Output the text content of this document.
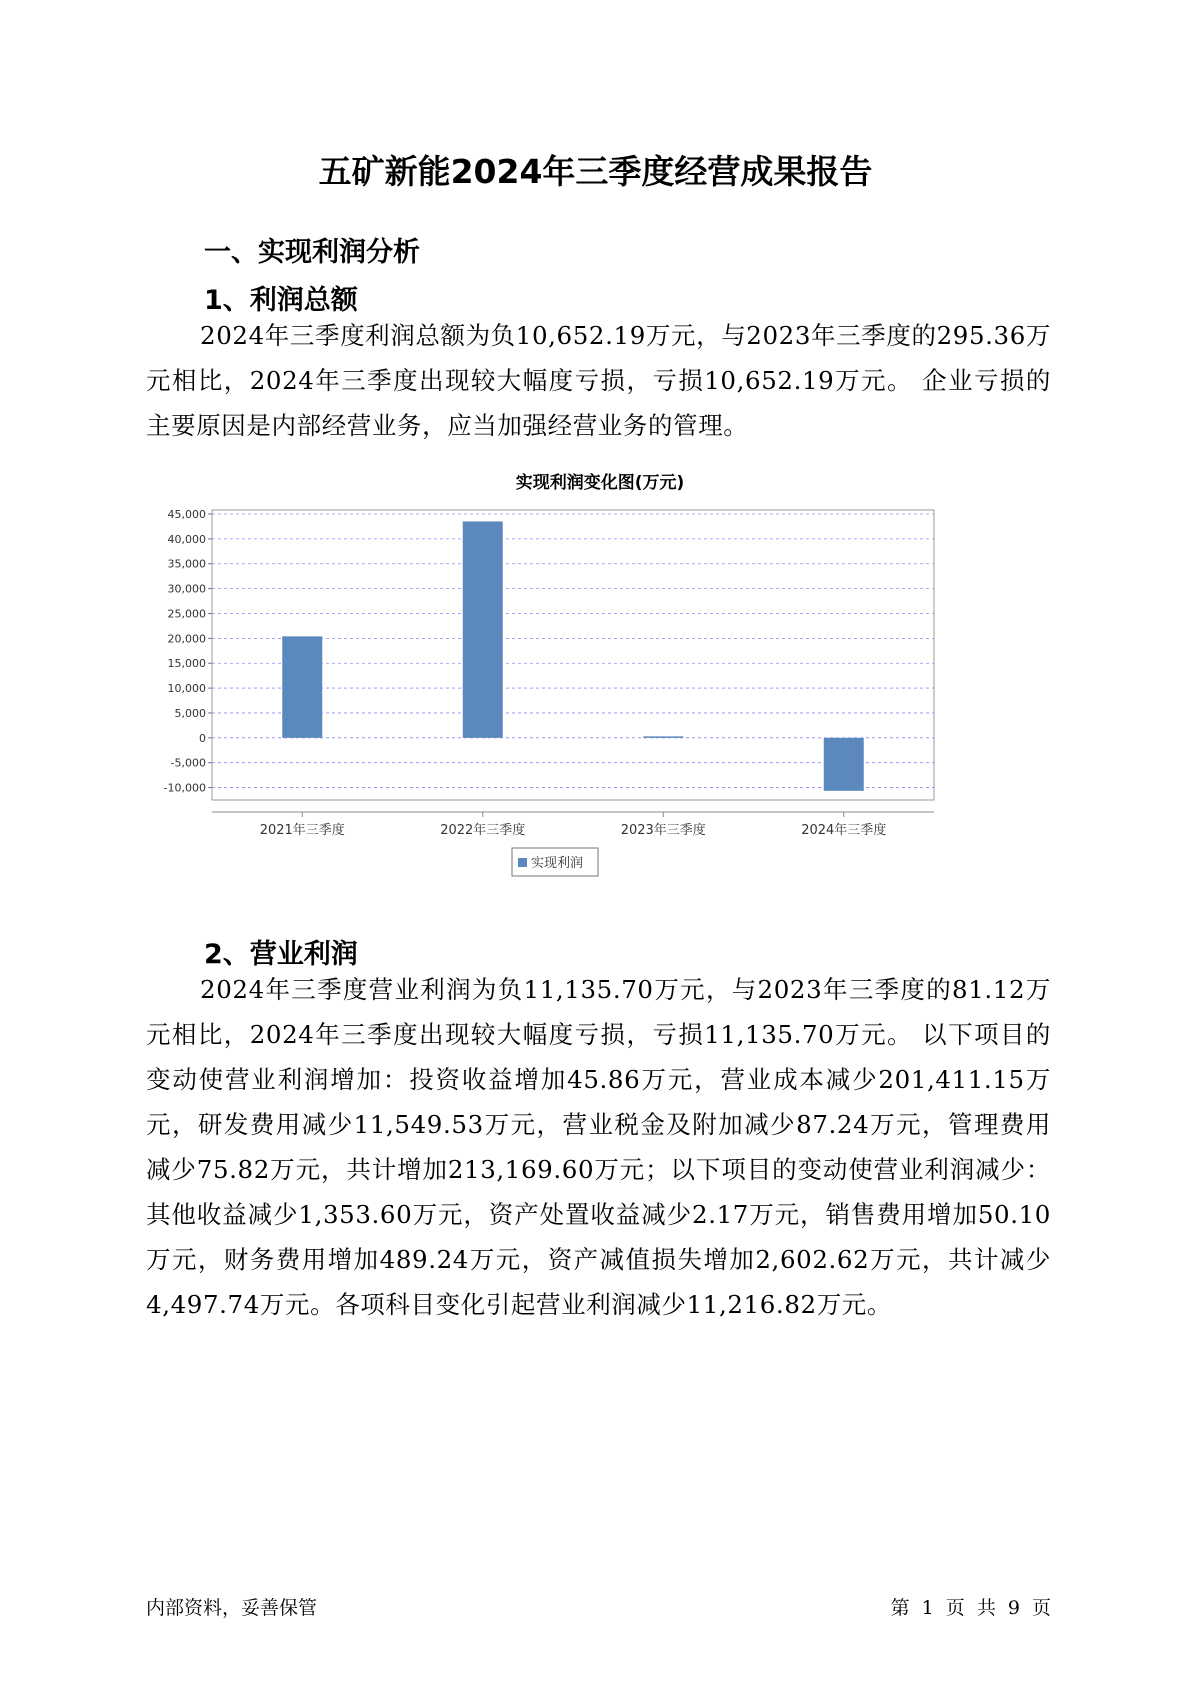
五矿新能2024年三季度经营成果报告
一、实现利润分析
1、利润总额

2024年三季度利润总额为负10,652.19万元，与2023年三季度的295.36万元相比，2024年三季度出现较大幅度亏损，亏损10,652.19万元。 企业亏损的主要原因是内部经营业务，应当加强经营业务的管理。

实现利润变化图(万元)
45,000
40,000
35,000
30,000
25,000
20,000
15,000
10,000
5,000
0
-5,000
-10,000
2021年三季度	2022年三季度	2023年三季度	2024年三季度
实现利润
2、营业利润

2024年三季度营业利润为负11,135.70万元，与2023年三季度的81.12万元相比，2024年三季度出现较大幅度亏损，亏损11,135.70万元。 以下项目的变动使营业利润增加：投资收益增加45.86万元，营业成本减少201,411.15万元，研发费用减少11,549.53万元，营业税金及附加减少87.24万元，管理费用减少75.82万元，共计增加213,169.60万元；以下项目的变动使营业利润减少：其他收益减少1,353.60万元，资产处置收益减少2.17万元，销售费用增加50.10万元，财务费用增加489.24万元，资产减值损失增加2,602.62万元，共计减少4,497.74万元。各项科目变化引起营业利润减少11,216.82万元。

内部资料，妥善保管	第 1 页 共 9 页
